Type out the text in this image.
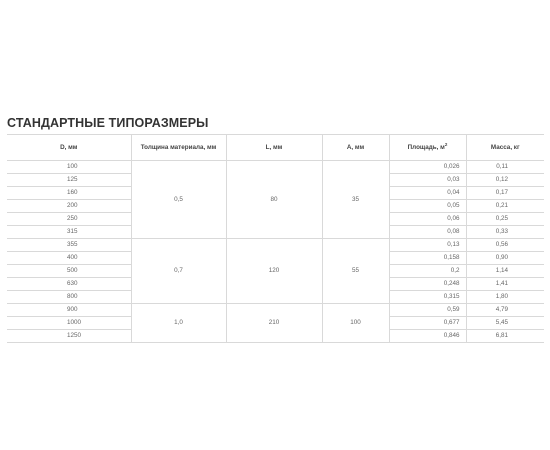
СТАНДАРТНЫЕ ТИПОРАЗМЕРЫ
D, мм	Толщина материала, мм	L, мм	A, мм	Площадь, $м^2$	Масса, кг
100	0,5	80	35	0,026	0,11
125				0,03	0,12
160				0,04	0,17
200				0,05	0,21
250				0,06	0,25
315				0,08	0,33
355	0,7	120	55	0,13	0,56
400				0,158	0,90
500				0,2	1,14
630				0,248	1,41
800				0,315	1,80
900	1,0	210	100	0,59	4,79
1000				0,677	5,45
1250				0,846	6,81
